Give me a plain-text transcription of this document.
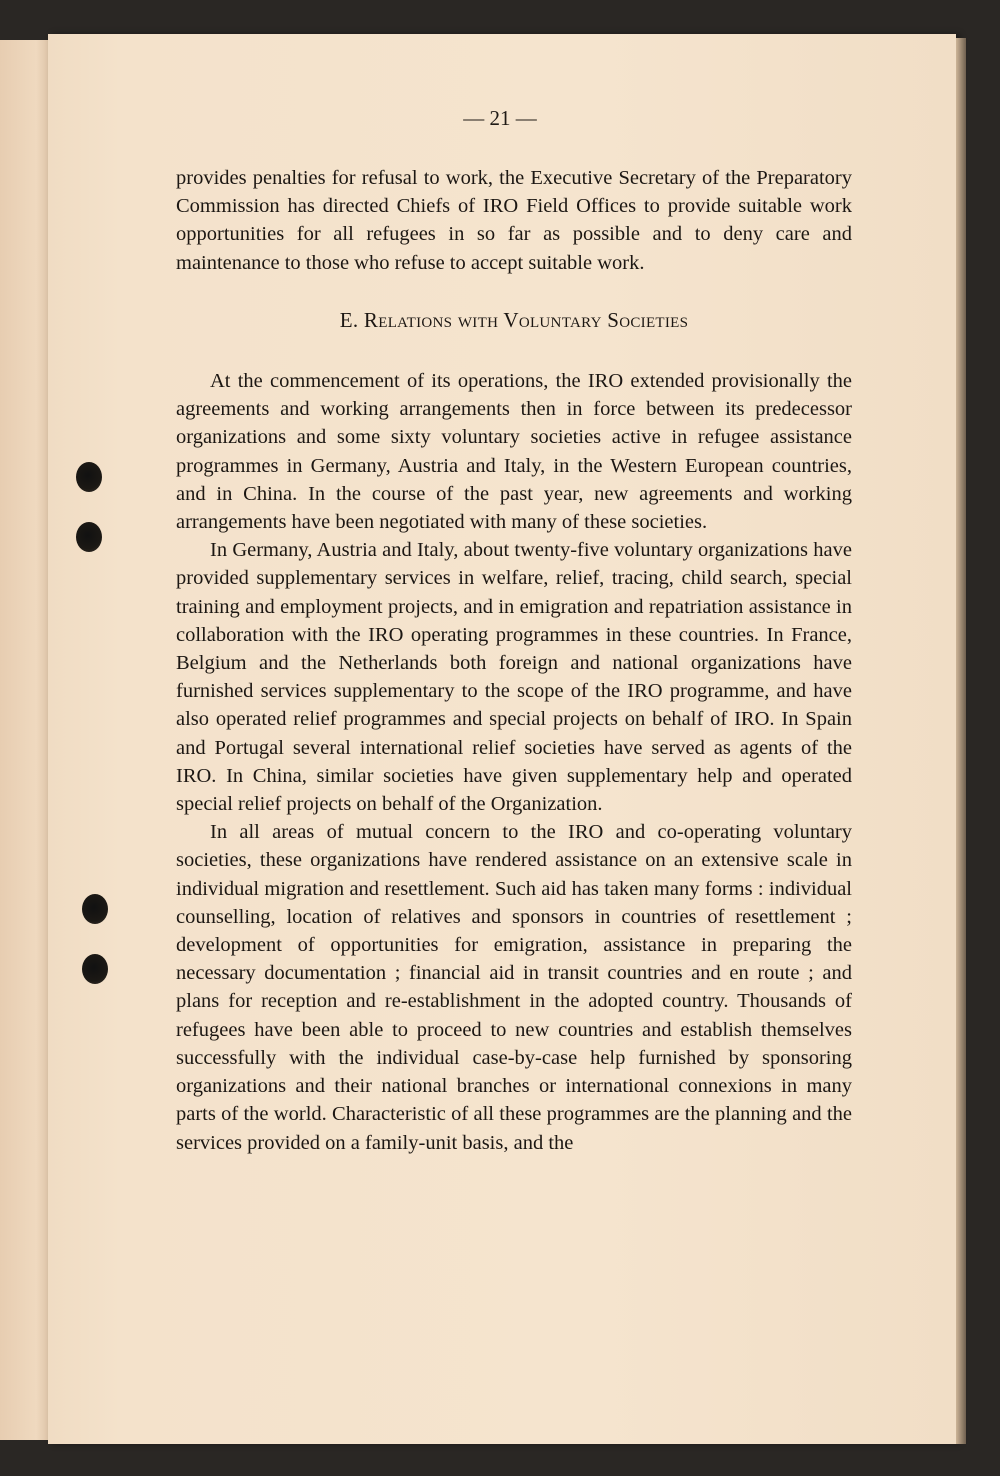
— 21 —

provides penalties for refusal to work, the Executive Secretary of the Preparatory Commission has directed Chiefs of IRO Field Offices to provide suitable work opportunities for all refugees in so far as possible and to deny care and maintenance to those who refuse to accept suitable work.

E. Relations with Voluntary Societies

At the commencement of its operations, the IRO extended provisionally the agreements and working arrangements then in force between its predecessor organizations and some sixty voluntary societies active in refugee assistance programmes in Germany, Austria and Italy, in the Western European countries, and in China. In the course of the past year, new agreements and working arrangements have been negotiated with many of these societies.

In Germany, Austria and Italy, about twenty-five voluntary organizations have provided supplementary services in welfare, relief, tracing, child search, special training and employment projects, and in emigration and repatriation assistance in collaboration with the IRO operating programmes in these countries. In France, Belgium and the Netherlands both foreign and national organizations have furnished services supplementary to the scope of the IRO programme, and have also operated relief programmes and special projects on behalf of IRO. In Spain and Portugal several international relief societies have served as agents of the IRO. In China, similar societies have given supplementary help and operated special relief projects on behalf of the Organization.

In all areas of mutual concern to the IRO and co-operating voluntary societies, these organizations have rendered assistance on an extensive scale in individual migration and resettlement. Such aid has taken many forms : individual counselling, location of relatives and sponsors in countries of resettlement ; development of opportunities for emigration, assistance in preparing the necessary documentation ; financial aid in transit countries and en route ; and plans for reception and re-establishment in the adopted country. Thousands of refugees have been able to proceed to new countries and establish themselves successfully with the individual case-by-case help furnished by sponsoring organizations and their national branches or international connexions in many parts of the world. Characteristic of all these programmes are the planning and the services provided on a family-unit basis, and the
